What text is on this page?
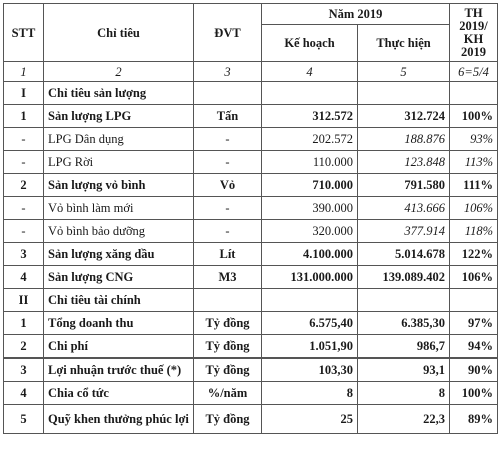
STT	Chỉ tiêu	ĐVT	Năm 2019		TH 2019/ KH 2019
			Kế hoạch	Thực hiện	
1	2	3	4	5	6=5/4
I	Chỉ tiêu sản lượng				
1	Sản lượng LPG	Tấn	312.572	312.724	100%
-	LPG Dân dụng	-	202.572	188.876	93%
-	LPG Rời	-	110.000	123.848	113%
2	Sản lượng vỏ bình	Vỏ	710.000	791.580	111%
-	Vỏ bình làm mới	-	390.000	413.666	106%
-	Vỏ bình bảo dưỡng	-	320.000	377.914	118%
3	Sản lượng xăng dầu	Lít	4.100.000	5.014.678	122%
4	Sản lượng CNG	M3	131.000.000	139.089.402	106%
II	Chỉ tiêu tài chính				
1	Tổng doanh thu	Tỷ đồng	6.575,40	6.385,30	97%
2	Chi phí	Tỷ đồng	1.051,90	986,7	94%
3	Lợi nhuận trước thuế (*)	Tỷ đồng	103,30	93,1	90%
4	Chia cổ tức	%/năm	8	8	100%
5	Quỹ khen thưởng phúc lợi	Tỷ đồng	25	22,3	89%
